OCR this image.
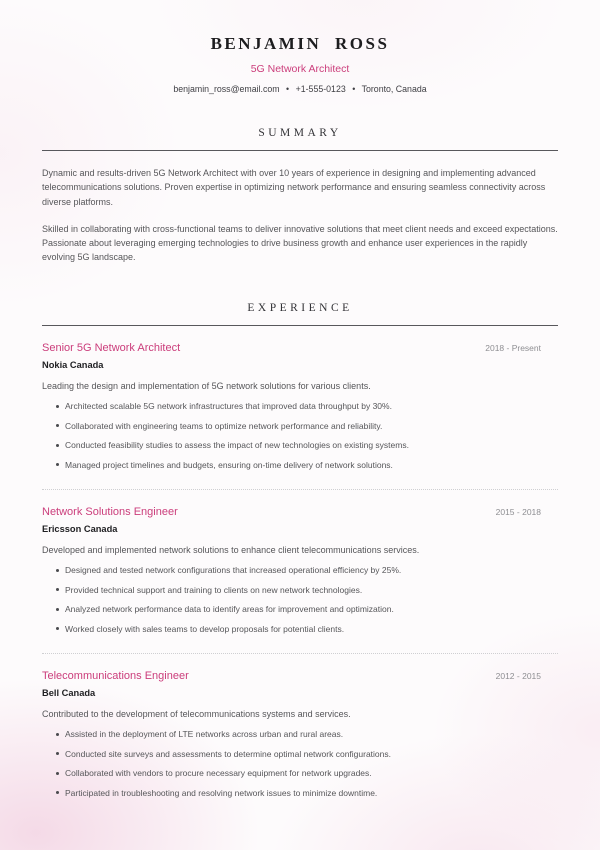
BENJAMIN ROSS
5G Network Architect
benjamin_ross@email.com • +1-555-0123 • Toronto, Canada
SUMMARY

Dynamic and results-driven 5G Network Architect with over 10 years of experience in designing and implementing advanced telecommunications solutions. Proven expertise in optimizing network performance and ensuring seamless connectivity across diverse platforms.

Skilled in collaborating with cross-functional teams to deliver innovative solutions that meet client needs and exceed expectations. Passionate about leveraging emerging technologies to drive business growth and enhance user experiences in the rapidly evolving 5G landscape.

EXPERIENCE
Senior 5G Network Architect	2018 - Present
Nokia Canada
Leading the design and implementation of 5G network solutions for various clients.
Architected scalable 5G network infrastructures that improved data throughput by 30%.
Collaborated with engineering teams to optimize network performance and reliability.
Conducted feasibility studies to assess the impact of new technologies on existing systems.
Managed project timelines and budgets, ensuring on-time delivery of network solutions.
Network Solutions Engineer	2015 - 2018
Ericsson Canada
Developed and implemented network solutions to enhance client telecommunications services.
Designed and tested network configurations that increased operational efficiency by 25%.
Provided technical support and training to clients on new network technologies.
Analyzed network performance data to identify areas for improvement and optimization.
Worked closely with sales teams to develop proposals for potential clients.
Telecommunications Engineer	2012 - 2015
Bell Canada
Contributed to the development of telecommunications systems and services.
Assisted in the deployment of LTE networks across urban and rural areas.
Conducted site surveys and assessments to determine optimal network configurations.
Collaborated with vendors to procure necessary equipment for network upgrades.
Participated in troubleshooting and resolving network issues to minimize downtime.
